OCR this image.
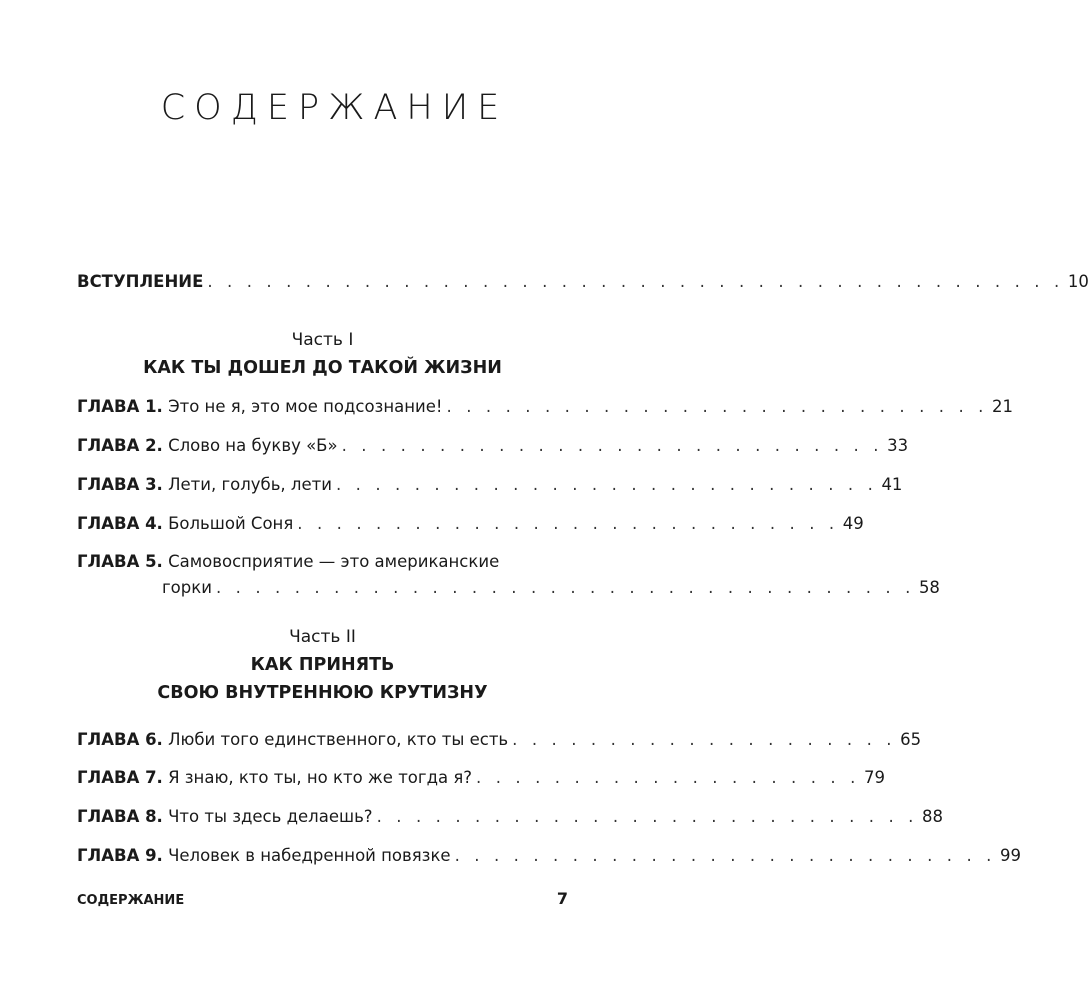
СОДЕРЖАНИЕ
ВСТУПЛЕНИЕ . . . . . . . . . . . . . . . . . . . . . . . . . . . . . . . . . . . . . . . . . . . . 10
Часть I
КАК ТЫ ДОШЕЛ ДО ТАКОЙ ЖИЗНИ
ГЛАВА 1. Это не я, это мое подсознание! . . . . . . . . . . . . . . . . . . . . . . . . . . . . 21
ГЛАВА 2. Слово на букву «Б» . . . . . . . . . . . . . . . . . . . . . . . . . . . . 33
ГЛАВА 3. Лети, голубь, лети . . . . . . . . . . . . . . . . . . . . . . . . . . . . 41
ГЛАВА 4. Большой Соня . . . . . . . . . . . . . . . . . . . . . . . . . . . . 49
ГЛАВА 5. Самовосприятие — это американские
горки . . . . . . . . . . . . . . . . . . . . . . . . . . . . . . . . . . . . 58
Часть II
КАК ПРИНЯТЬ
СВОЮ ВНУТРЕННЮЮ КРУТИЗНУ
ГЛАВА 6. Люби того единственного, кто ты есть . . . . . . . . . . . . . . . . . . . . 65
ГЛАВА 7. Я знаю, кто ты, но кто же тогда я? . . . . . . . . . . . . . . . . . . . . 79
ГЛАВА 8. Что ты здесь делаешь? . . . . . . . . . . . . . . . . . . . . . . . . . . . . 88
ГЛАВА 9. Человек в набедренной повязке . . . . . . . . . . . . . . . . . . . . . . . . . . . . 99
СОДЕРЖАНИЕ	7
